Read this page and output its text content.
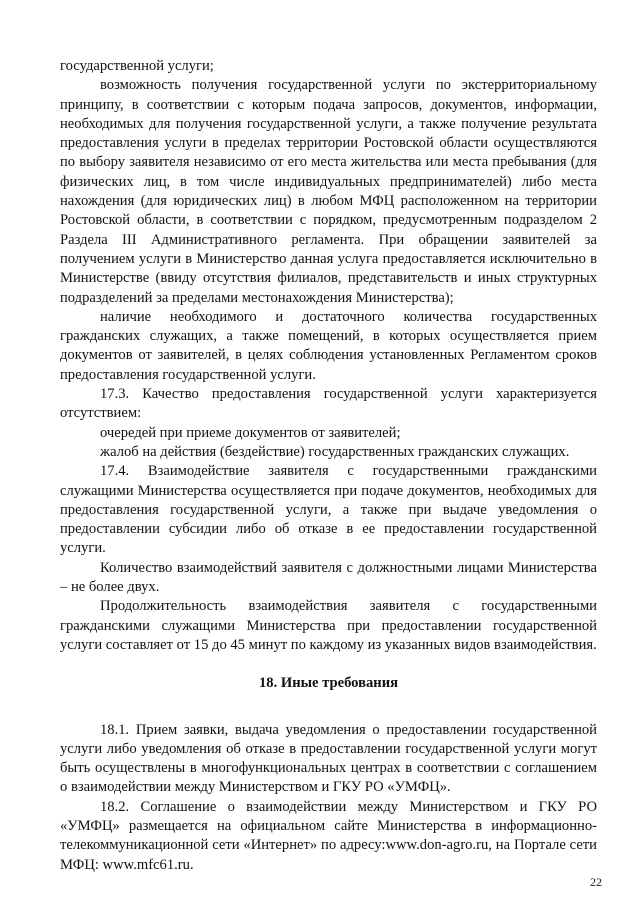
государственной услуги;

возможность получения государственной услуги по экстерриториальному принципу, в соответствии с которым подача запросов, документов, информации, необходимых для получения государственной услуги, а также получение результата предоставления услуги в пределах территории Ростовской области осуществляются по выбору заявителя независимо от его места жительства или места пребывания (для физических лиц, в том числе индивидуальных предпринимателей) либо места нахождения (для юридических лиц) в любом МФЦ расположенном на территории Ростовской области, в соответствии с порядком, предусмотренным подразделом 2 Раздела III Административного регламента. При обращении заявителей за получением услуги в Министерство данная услуга предоставляется исключительно в Министерстве (ввиду отсутствия филиалов, представительств и иных структурных подразделений за пределами местонахождения Министерства);

наличие необходимого и достаточного количества государственных гражданских служащих, а также помещений, в которых осуществляется прием документов от заявителей, в целях соблюдения установленных Регламентом сроков предоставления государственной услуги.

17.3. Качество предоставления государственной услуги характеризуется отсутствием:

очередей при приеме документов от заявителей;

жалоб на действия (бездействие) государственных гражданских служащих.

17.4. Взаимодействие заявителя с государственными гражданскими служащими Министерства осуществляется при подаче документов, необходимых для предоставления государственной услуги, а также при выдаче уведомления о предоставлении субсидии либо об отказе в ее предоставлении государственной услуги.

Количество взаимодействий заявителя с должностными лицами Министерства – не более двух.

Продолжительность взаимодействия заявителя с государственными гражданскими служащими Министерства при предоставлении государственной услуги составляет от 15 до 45 минут по каждому из указанных видов взаимодействия.

18. Иные требования

18.1. Прием заявки, выдача уведомления о предоставлении государственной услуги либо уведомления об отказе в предоставлении государственной услуги могут быть осуществлены в многофункциональных центрах в соответствии с соглашением о взаимодействии между Министерством и ГКУ РО «УМФЦ».

18.2. Соглашение о взаимодействии между Министерством и ГКУ РО «УМФЦ» размещается на официальном сайте Министерства в информационно-телекоммуникационной сети «Интернет» по адресу:www.don-agro.ru, на Портале сети МФЦ: www.mfc61.ru.

22
